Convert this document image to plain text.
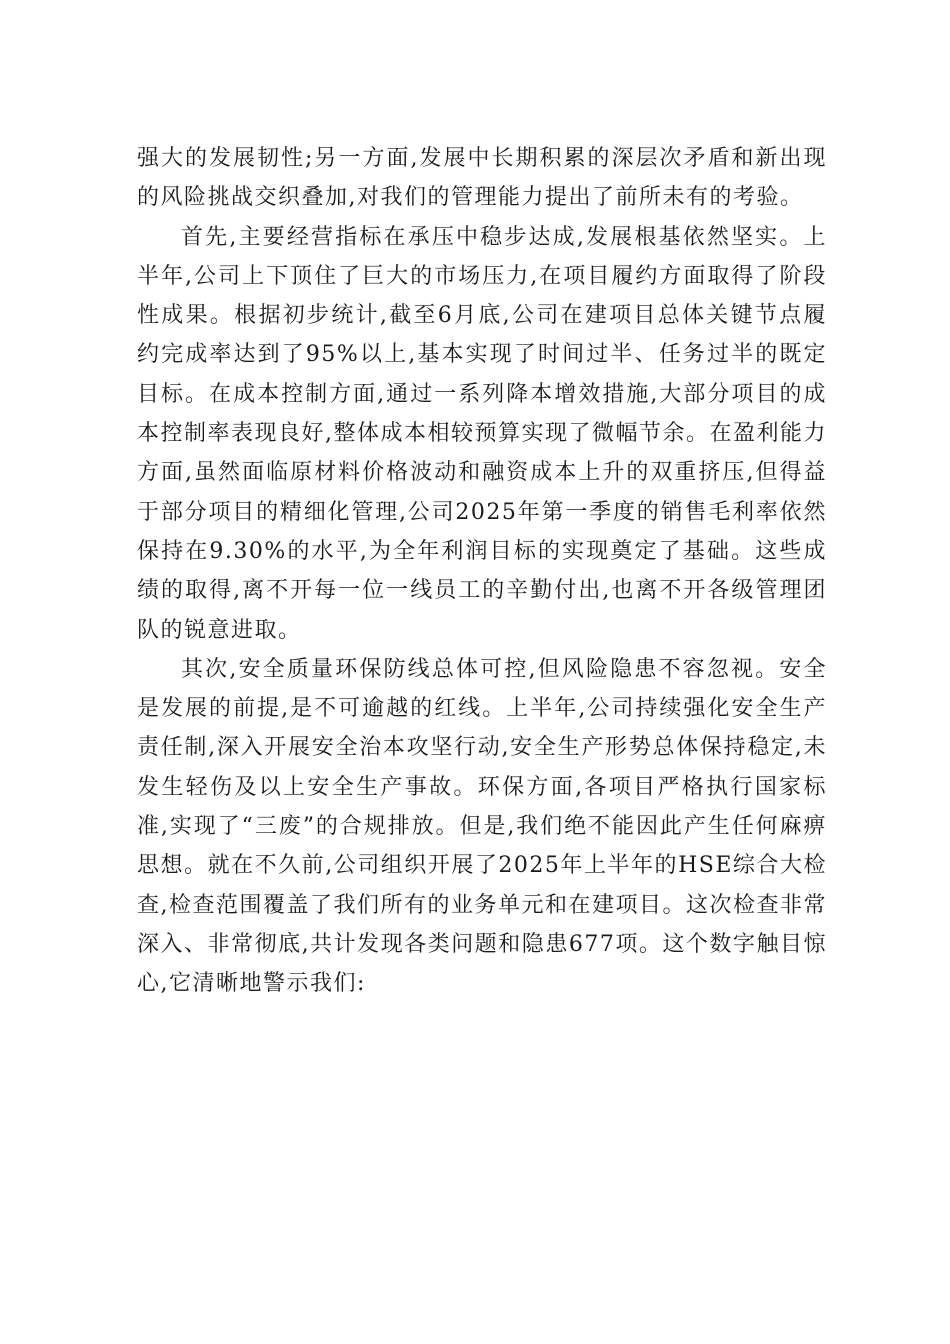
强大的发展韧性;另一方面,发展中长期积累的深层次矛盾和新出现的风险挑战交织叠加,对我们的管理能力提出了前所未有的考验。

首先,主要经营指标在承压中稳步达成,发展根基依然坚实。上半年,公司上下顶住了巨大的市场压力,在项目履约方面取得了阶段性成果。根据初步统计,截至6月底,公司在建项目总体关键节点履约完成率达到了95%以上,基本实现了时间过半、任务过半的既定目标。在成本控制方面,通过一系列降本增效措施,大部分项目的成本控制率表现良好,整体成本相较预算实现了微幅节余。在盈利能力方面,虽然面临原材料价格波动和融资成本上升的双重挤压,但得益于部分项目的精细化管理,公司2025年第一季度的销售毛利率依然保持在9.30%的水平,为全年利润目标的实现奠定了基础。这些成绩的取得,离不开每一位一线员工的辛勤付出,也离不开各级管理团队的锐意进取。

其次,安全质量环保防线总体可控,但风险隐患不容忽视。安全是发展的前提,是不可逾越的红线。上半年,公司持续强化安全生产责任制,深入开展安全治本攻坚行动,安全生产形势总体保持稳定,未发生轻伤及以上安全生产事故。环保方面,各项目严格执行国家标准,实现了“三废”的合规排放。但是,我们绝不能因此产生任何麻痹思想。就在不久前,公司组织开展了2025年上半年的HSE综合大检查,检查范围覆盖了我们所有的业务单元和在建项目。这次检查非常深入、非常彻底,共计发现各类问题和隐患677项。这个数字触目惊心,它清晰地警示我们:
